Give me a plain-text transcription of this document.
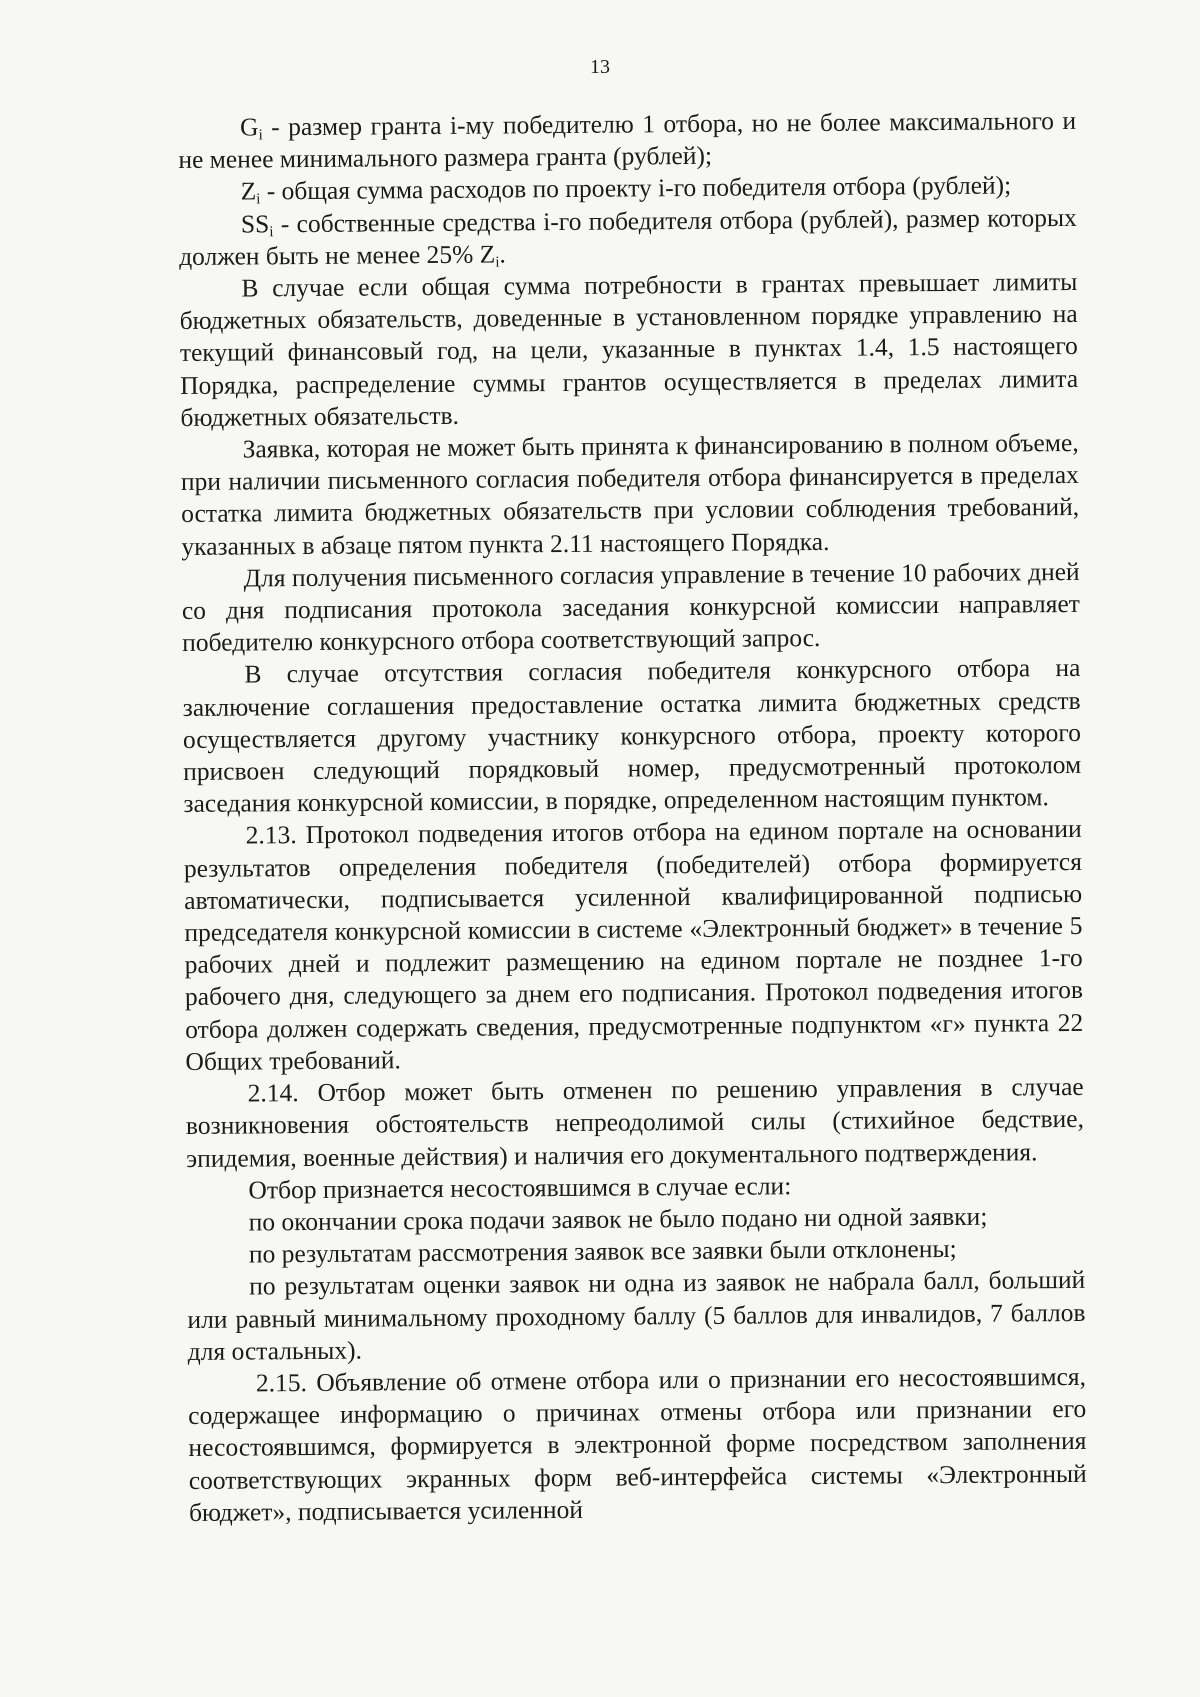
13

$G_i$ - размер гранта i-му победителю 1 отбора, но не более максимального и не менее минимального размера гранта (рублей);

$Z_i$ - общая сумма расходов по проекту i-го победителя отбора (рублей);

$SS_i$ - собственные средства i-го победителя отбора (рублей), размер которых должен быть не менее 25% $Z_i$.

В случае если общая сумма потребности в грантах превышает лимиты бюджетных обязательств, доведенные в установленном порядке управлению на текущий финансовый год, на цели, указанные в пунктах 1.4, 1.5 настоящего Порядка, распределение суммы грантов осуществляется в пределах лимита бюджетных обязательств.

Заявка, которая не может быть принята к финансированию в полном объеме, при наличии письменного согласия победителя отбора финансируется в пределах остатка лимита бюджетных обязательств при условии соблюдения требований, указанных в абзаце пятом пункта 2.11 настоящего Порядка.

Для получения письменного согласия управление в течение 10 рабочих дней со дня подписания протокола заседания конкурсной комиссии направляет победителю конкурсного отбора соответствующий запрос.

В случае отсутствия согласия победителя конкурсного отбора на заключение соглашения предоставление остатка лимита бюджетных средств осуществляется другому участнику конкурсного отбора, проекту которого присвоен следующий порядковый номер, предусмотренный протоколом заседания конкурсной комиссии, в порядке, определенном настоящим пунктом.

2.13. Протокол подведения итогов отбора на едином портале на основании результатов определения победителя (победителей) отбора формируется автоматически, подписывается усиленной квалифицированной подписью председателя конкурсной комиссии в системе «Электронный бюджет» в течение 5 рабочих дней и подлежит размещению на едином портале не позднее 1-го рабочего дня, следующего за днем его подписания. Протокол подведения итогов отбора должен содержать сведения, предусмотренные подпунктом «г» пункта 22 Общих требований.

2.14. Отбор может быть отменен по решению управления в случае возникновения обстоятельств непреодолимой силы (стихийное бедствие, эпидемия, военные действия) и наличия его документального подтверждения.

Отбор признается несостоявшимся в случае если:

по окончании срока подачи заявок не было подано ни одной заявки;

по результатам рассмотрения заявок все заявки были отклонены;

по результатам оценки заявок ни одна из заявок не набрала балл, больший или равный минимальному проходному баллу (5 баллов для инвалидов, 7 баллов для остальных).

2.15. Объявление об отмене отбора или о признании его несостоявшимся, содержащее информацию о причинах отмены отбора или признании его несостоявшимся, формируется в электронной форме посредством заполнения соответствующих экранных форм веб-интерфейса системы «Электронный бюджет», подписывается усиленной
